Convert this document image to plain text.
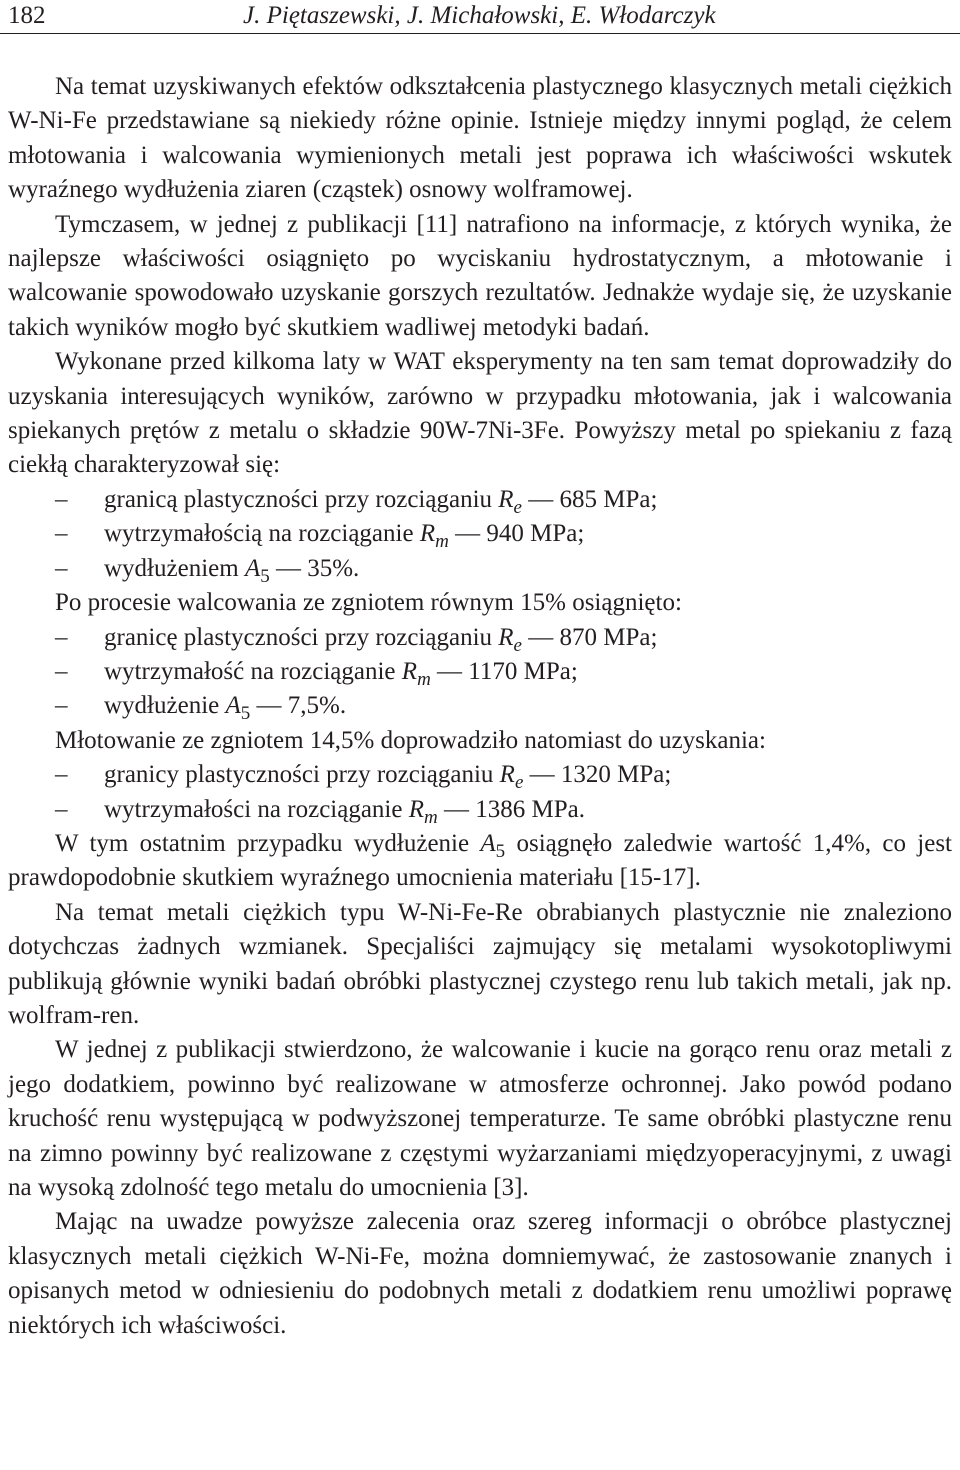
182	J. Piętaszewski, J. Michałowski, E. Włodarczyk

Na temat uzyskiwanych efektów odkształcenia plastycznego klasycznych metali ciężkich W-Ni-Fe przedstawiane są niekiedy różne opinie. Istnieje między innymi pogląd, że celem młotowania i walcowania wymienionych metali jest poprawa ich właściwości wskutek wyraźnego wydłużenia ziaren (cząstek) osnowy wolframowej.

Tymczasem, w jednej z publikacji [11] natrafiono na informacje, z których wynika, że najlepsze właściwości osiągnięto po wyciskaniu hydrostatycznym, a młotowanie i walcowanie spowodowało uzyskanie gorszych rezultatów. Jednakże wydaje się, że uzyskanie takich wyników mogło być skutkiem wadliwej metodyki badań.

Wykonane przed kilkoma laty w WAT eksperymenty na ten sam temat doprowadziły do uzyskania interesujących wyników, zarówno w przypadku młotowania, jak i walcowania spiekanych prętów z metalu o składzie 90W-7Ni-3Fe. Powyższy metal po spiekaniu z fazą ciekłą charakteryzował się:

– granicą plastyczności przy rozciąganiu $R_e$ — 685 MPa;
– wytrzymałością na rozciąganie $R_m$ — 940 MPa;
– wydłużeniem $A_5$ — 35%.

Po procesie walcowania ze zgniotem równym 15% osiągnięto:

– granicę plastyczności przy rozciąganiu $R_e$ — 870 MPa;
– wytrzymałość na rozciąganie $R_m$ — 1170 MPa;
– wydłużenie $A_5$ — 7,5%.

Młotowanie ze zgniotem 14,5% doprowadziło natomiast do uzyskania:

– granicy plastyczności przy rozciąganiu $R_e$ — 1320 MPa;
– wytrzymałości na rozciąganie $R_m$ — 1386 MPa.

W tym ostatnim przypadku wydłużenie $A_5$ osiągnęło zaledwie wartość 1,4%, co jest prawdopodobnie skutkiem wyraźnego umocnienia materiału [15-17].

Na temat metali ciężkich typu W-Ni-Fe-Re obrabianych plastycznie nie znaleziono dotychczas żadnych wzmianek. Specjaliści zajmujący się metalami wysokotopliwymi publikują głównie wyniki badań obróbki plastycznej czystego renu lub takich metali, jak np. wolfram-ren.

W jednej z publikacji stwierdzono, że walcowanie i kucie na gorąco renu oraz metali z jego dodatkiem, powinno być realizowane w atmosferze ochronnej. Jako powód podano kruchość renu występującą w podwyższonej temperaturze. Te same obróbki plastyczne renu na zimno powinny być realizowane z częstymi wyżarzaniami międzyoperacyjnymi, z uwagi na wysoką zdolność tego metalu do umocnienia [3].

Mając na uwadze powyższe zalecenia oraz szereg informacji o obróbce plastycznej klasycznych metali ciężkich W-Ni-Fe, można domniemywać, że zastosowanie znanych i opisanych metod w odniesieniu do podobnych metali z dodatkiem renu umożliwi poprawę niektórych ich właściwości.
